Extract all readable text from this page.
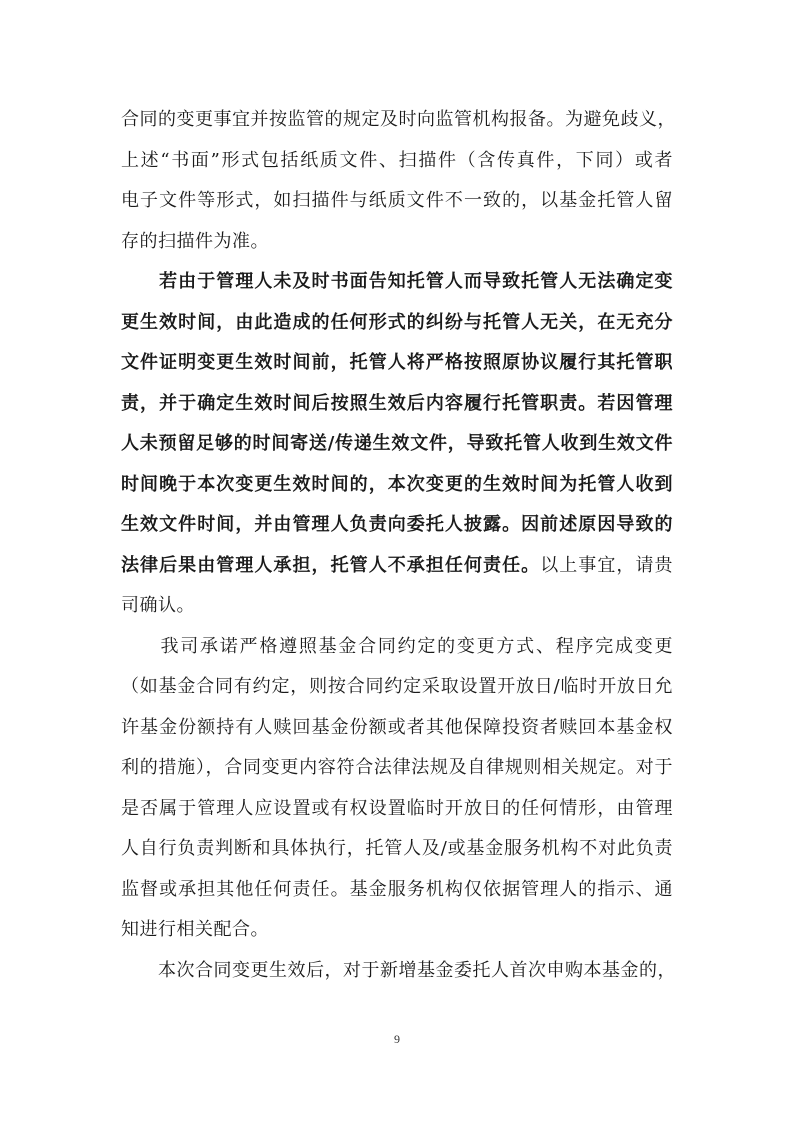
合同的变更事宜并按监管的规定及时向监管机构报备。为避免歧义，
上述“书面”形式包括纸质文件、扫描件（含传真件，下同）或者
电子文件等形式，如扫描件与纸质文件不一致的，以基金托管人留
存的扫描件为准。
　　若由于管理人未及时书面告知托管人而导致托管人无法确定变
更生效时间，由此造成的任何形式的纠纷与托管人无关，在无充分
文件证明变更生效时间前，托管人将严格按照原协议履行其托管职
责，并于确定生效时间后按照生效后内容履行托管职责。若因管理
人未预留足够的时间寄送/传递生效文件，导致托管人收到生效文件
时间晚于本次变更生效时间的，本次变更的生效时间为托管人收到
生效文件时间，并由管理人负责向委托人披露。因前述原因导致的
法律后果由管理人承担，托管人不承担任何责任。以上事宜，请贵
司确认。
　　我司承诺严格遵照基金合同约定的变更方式、程序完成变更
（如基金合同有约定，则按合同约定采取设置开放日/临时开放日允
许基金份额持有人赎回基金份额或者其他保障投资者赎回本基金权
利的措施），合同变更内容符合法律法规及自律规则相关规定。对于
是否属于管理人应设置或有权设置临时开放日的任何情形，由管理
人自行负责判断和具体执行，托管人及/或基金服务机构不对此负责
监督或承担其他任何责任。基金服务机构仅依据管理人的指示、通
知进行相关配合。
　　本次合同变更生效后，对于新增基金委托人首次申购本基金的，
9
